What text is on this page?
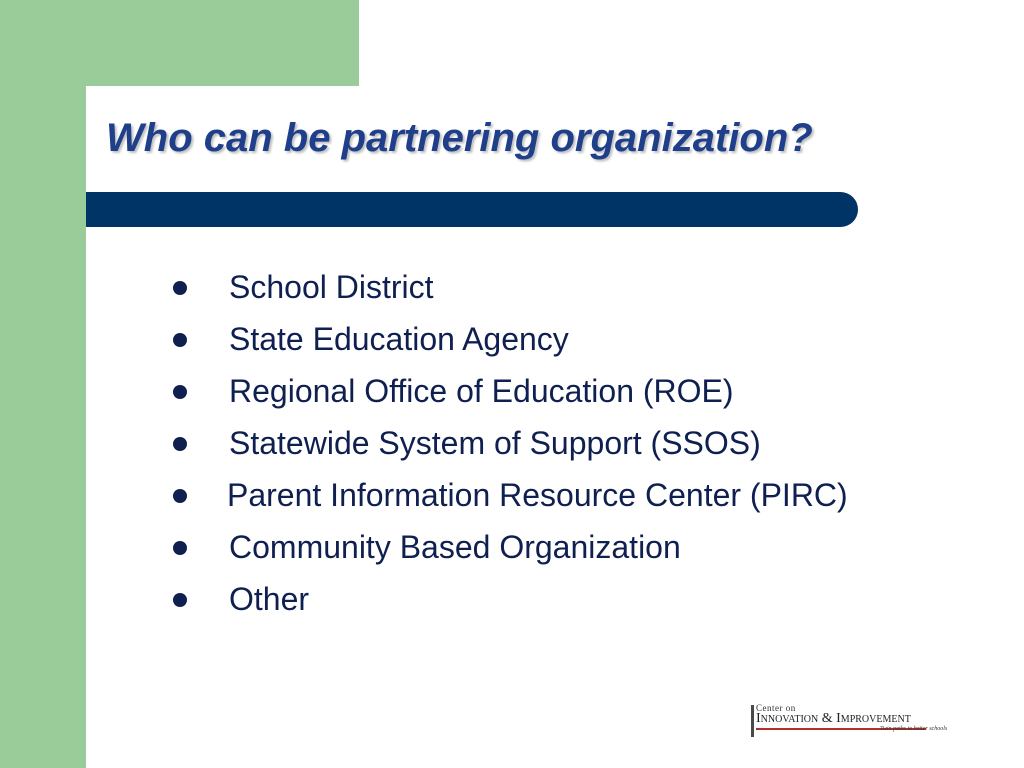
Who can be partnering organization?
School District
State Education Agency
Regional Office of Education (ROE)
Statewide System of Support (SSOS)
Parent Information Resource Center (PIRC)
Community Based Organization
Other
Center on
Innovation & Improvement
Twin paths to better schools
